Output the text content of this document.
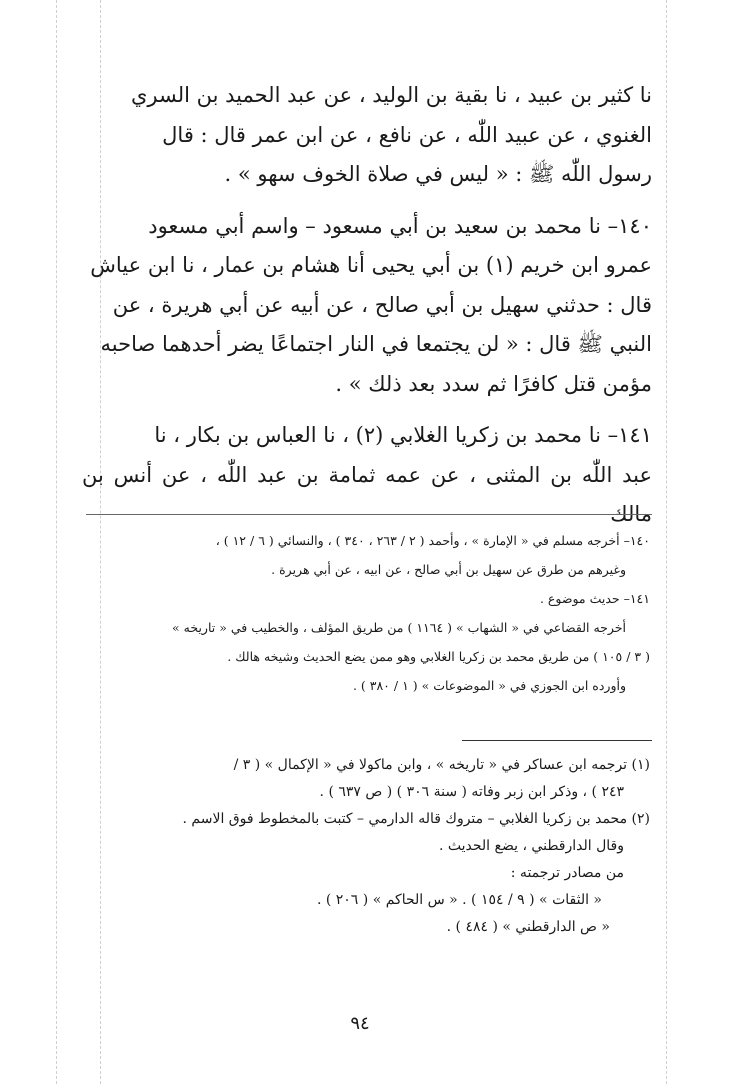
نا كثير بن عبيد ، نا بقية بن الوليد ، عن عبد الحميد بن السري
الغنوي ، عن عبيد اللّٰه ، عن نافع ، عن ابن عمر قال : قال
رسول اللّٰه ﷺ : « ليس في صلاة الخوف سهو » .

١٤٠– نا محمد بن سعيد بن أبي مسعود – واسم أبي مسعود
عمرو ابن خريم (١) بن أبي يحيى أنا هشام بن عمار ، نا ابن عياش
قال : حدثني سهيل بن أبي صالح ، عن أبيه عن أبي هريرة ، عن
النبي ﷺ قال : « لن يجتمعا في النار اجتماعًا يضر أحدهما صاحبه
مؤمن قتل كافرًا ثم سدد بعد ذلك » .

١٤١– نا محمد بن زكريا الغلابي (٢) ، نا العباس بن بكار ، نا
عبد اللّٰه بن المثنى ، عن عمه ثمامة بن عبد اللّٰه ، عن أنس بن مالك

١٤٠– أخرجه مسلم في « الإمارة » ، وأحمد ( ٢ / ٢٦٣ ، ٣٤٠ ) ، والنسائي ( ٦ / ١٢ ) ،
وغيرهم من طرق عن سهيل بن أبي صالح ، عن ابيه ، عن أبي هريرة .
١٤١– حديث موضوع .
أخرجه القضاعي في « الشهاب » ( ١١٦٤ ) من طريق المؤلف ، والخطيب في « تاريخه »
( ٣ / ١٠٥ ) من طريق محمد بن زكريا الغلابي وهو ممن يضع الحديث وشيخه هالك .
وأورده ابن الجوزي في « الموضوعات » ( ١ / ٣٨٠ ) .
(١) ترجمه ابن عساكر في « تاريخه » ، وابن ماكولا في « الإكمال » ( ٣ /
٢٤٣ ) ، وذكر ابن زبر وفاته ( سنة ٣٠٦ ) ( ص ٦٣٧ ) .
(٢) محمد بن زكريا الغلابي – متروك قاله الدارمي – كتبت بالمخطوط فوق الاسم .
وقال الدارقطني ، يضع الحديث .
من مصادر ترجمته :
« الثقات » ( ٩ / ١٥٤ ) . « س الحاكم » ( ٢٠٦ ) .
« ص الدارقطني » ( ٤٨٤ ) .
٩٤
